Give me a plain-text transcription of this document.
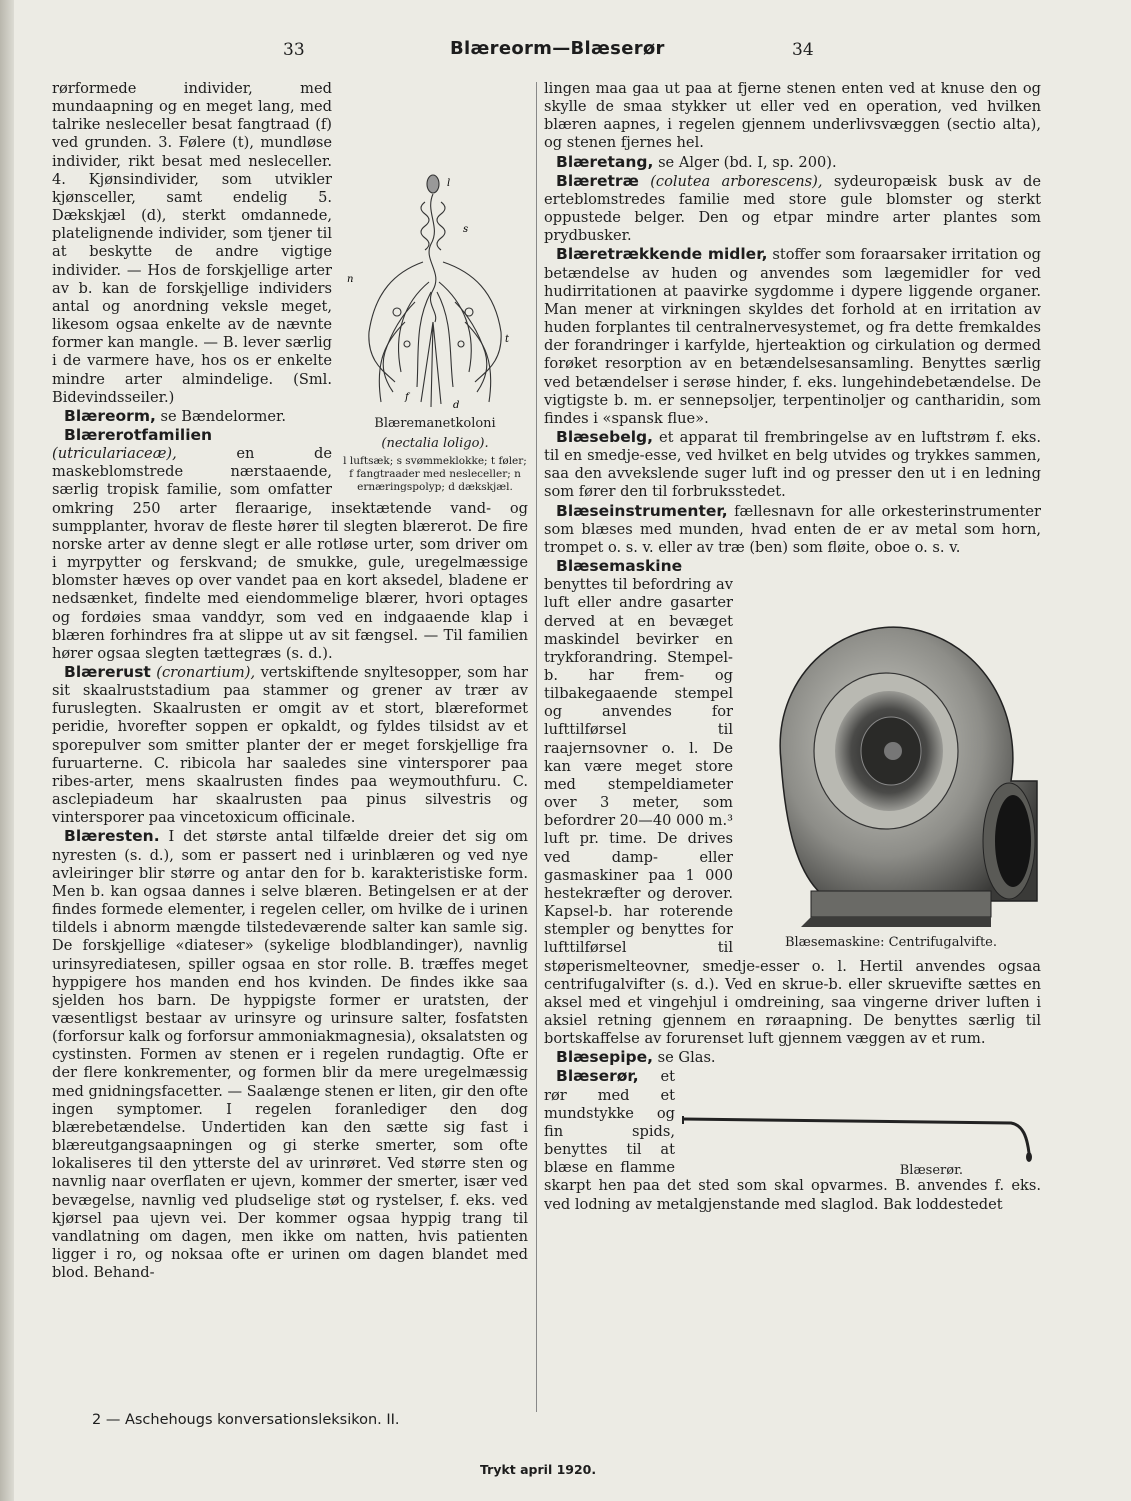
33	Blæreorm—Blæserør	34
l
s
n
f
t
d
Blæremanetkoloni
(nectalia loligo).
l luftsæk; s svømmeklokke; t føler; f fangtraader med nesleceller; n ernæringspolyp; d dækskjæl.

rørformede individer, med mundaapning og en meget lang, med talrike nesleceller besat fangtraad (f) ved grunden. 3. Følere (t), mundløse individer, rikt besat med nesleceller. 4. Kjønsindivider, som utvikler kjønsceller, samt endelig 5. Dækskjæl (d), sterkt omdannede, platelignende individer, som tjener til at beskytte de andre vigtige individer. — Hos de forskjellige arter av b. kan de forskjellige individers antal og anordning veksle meget, likesom ogsaa enkelte av de nævnte former kan mangle. — B. lever særlig i de varmere have, hos os er enkelte mindre arter almindelige. (Sml. Bidevindsseiler.)

Blæreorm, se Bændelormer.

Blærerotfamilien (utriculariaceæ),	en de maskeblomstrede nærstaaende, særlig tropisk familie, som omfatter omkring 250 arter fleraarige, insektætende vand- og sumpplanter, hvorav de fleste hører til slegten blærerot. De fire norske arter av denne slegt er alle rotløse urter, som driver om i myrpytter og ferskvand; de smukke, gule, uregelmæssige blomster hæves op over vandet paa en kort aksedel, bladene er nedsænket, findelte med eiendommelige blærer, hvori optages og fordøies smaa vanddyr, som ved en indgaaende klap i blæren forhindres fra at slippe ut av sit fængsel. — Til familien hører ogsaa slegten tættegræs (s. d.).

Blærerust (cronartium), vertskiftende snyltesopper, som har sit skaalruststadium paa stammer og grener av trær av furuslegten. Skaalrusten er omgit av et stort, blæreformet peridie, hvorefter soppen er opkaldt, og fyldes tilsidst av et sporepulver som smitter planter der er meget forskjellige fra furuarterne. C. ribicola har saaledes sine vintersporer paa ribes-arter, mens skaalrusten findes paa weymouthfuru. C. asclepiadeum har skaalrusten paa pinus silvestris og vintersporer paa vincetoxicum officinale.

Blæresten. I det største antal tilfælde dreier det sig om nyresten (s. d.), som er passert ned i urinblæren og ved nye avleiringer blir større og antar den for b. karakteristiske form. Men b. kan ogsaa dannes i selve blæren. Betingelsen er at der findes formede elementer, i regelen celler, om hvilke de i urinen tildels i abnorm mængde tilstedeværende salter kan samle sig. De forskjellige «diateser» (sykelige blodblandinger), navnlig urinsyrediatesen, spiller ogsaa en stor rolle. B. træffes meget hyppigere hos manden end hos kvinden. De findes ikke saa sjelden hos barn. De hyppigste former er uratsten, der væsentligst bestaar av urinsyre og urinsure salter, fosfatsten (forforsur kalk og forforsur ammoniakmagnesia), oksalatsten og cystinsten. Formen av stenen er i regelen rundagtig. Ofte er der flere konkrementer, og formen blir da mere uregelmæssig med gnidningsfacetter. — Saalænge stenen er liten, gir den ofte ingen symptomer. I regelen foranlediger den dog blærebetændelse. Undertiden kan den sætte sig fast i blæreutgangsaapningen og gi sterke smerter, som ofte lokaliseres til den ytterste del av urinrøret. Ved større sten og navnlig naar overflaten er ujevn, kommer der smerter, især ved bevægelse, navnlig ved pludselige støt og rystelser, f. eks. ved kjørsel paa ujevn vei. Der kommer ogsaa hyppig trang til vandlatning om dagen, men ikke om natten, hvis patienten ligger i ro, og noksaa ofte er urinen om dagen blandet med blod. Behand-

lingen maa gaa ut paa at fjerne stenen enten ved at knuse den og skylle de smaa stykker ut eller ved en operation, ved hvilken blæren aapnes, i regelen gjennem underlivsvæggen (sectio alta), og stenen fjernes hel.

Blæretang, se Alger (bd. I, sp. 200).

Blæretræ (colutea arborescens), sydeuropæisk busk av de erteblomstredes familie med store gule blomster og sterkt oppustede belger. Den og etpar mindre arter plantes som prydbusker.

Blæretrækkende midler, stoffer som foraarsaker irritation og betændelse av huden og anvendes som lægemidler for ved hudirritationen at paavirke sygdomme i dypere liggende organer. Man mener at virkningen skyldes det forhold at en irritation av huden forplantes til centralnervesystemet, og fra dette fremkaldes der forandringer i karfylde, hjerteaktion og cirkulation og dermed forøket resorption av en betændelsesansamling. Benyttes særlig ved betændelser i serøse hinder, f. eks. lungehindebetændelse. De vigtigste b. m. er sennepsoljer, terpentinoljer og cantharidin, som findes i «spansk flue».

Blæsebelg, et apparat til frembringelse av en luftstrøm f. eks. til en smedje-esse, ved hvilket en belg utvides og trykkes sammen, saa den avvekslende suger luft ind og presser den ut i en ledning som fører den til forbruksstedet.

Blæseinstrumenter, fællesnavn for alle orkesterinstrumenter som blæses med munden, hvad enten de er av metal som horn, trompet o. s. v. eller av træ (ben) som fløite, oboe o. s. v.

Blæsemaskine: Centrifugalvifte.

Blæsemaskine benyttes til befordring av luft eller andre gasarter derved at en bevæget maskindel bevirker en trykforandring. Stempel-b. har frem- og tilbakegaaende stempel og anvendes for lufttilførsel til raajernsovner o. l. De kan være meget store med stempeldiameter over 3 meter, som befordrer 20—40 000 m.³ luft pr. time. De drives ved damp- eller gasmaskiner paa 1 000 hestekræfter og derover. Kapsel-b. har roterende stempler og benyttes for lufttilførsel til støperismelteovner, smedje-esser o. l. Hertil anvendes ogsaa centrifugalvifter (s. d.). Ved en skrue-b. eller skruevifte sættes en aksel med et vingehjul i omdreining, saa vingerne driver luften i aksiel retning gjennem en røraapning. De benyttes særlig til bortskaffelse av forurenset luft gjennem væggen av et rum.

Blæsepipe, se Glas.

Blæserør.

Blæserør, et rør med et mundstykke og fin spids, benyttes til at blæse en flamme skarpt hen paa det sted som skal opvarmes. B. anvendes f. eks. ved lodning av metalgjenstande med slaglod. Bak loddestedet

2 — Aschehougs konversationsleksikon. II.
Trykt april 1920.
